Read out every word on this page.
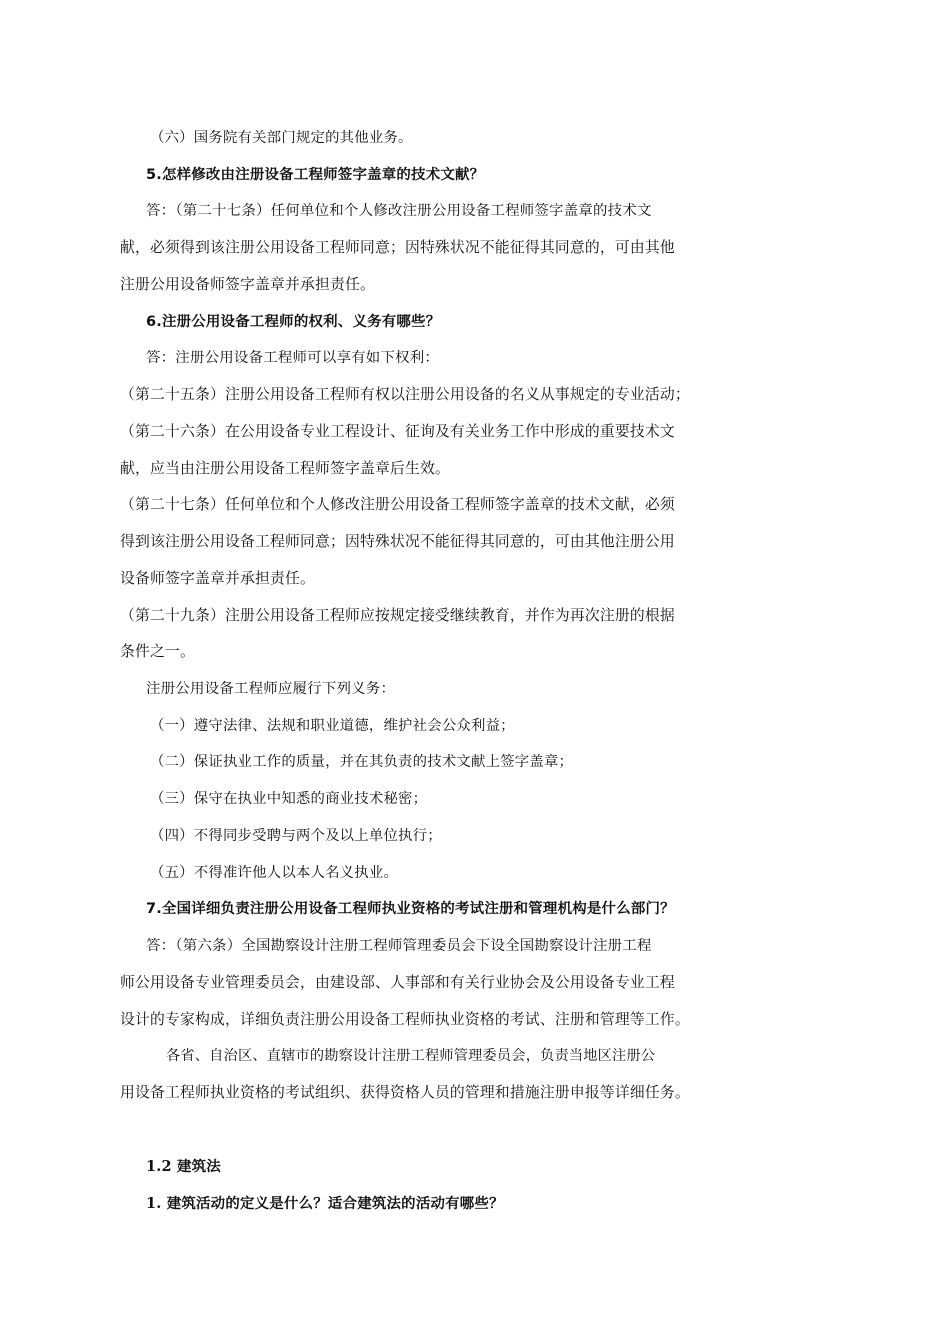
（六）国务院有关部门规定的其他业务。
5.怎样修改由注册设备工程师签字盖章的技术文献？
答：（第二十七条）任何单位和个人修改注册公用设备工程师签字盖章的技术文
献，必须得到该注册公用设备工程师同意；因特殊状况不能征得其同意的，可由其他
注册公用设备师签字盖章并承担责任。
6.注册公用设备工程师的权利、义务有哪些？
答：注册公用设备工程师可以享有如下权利：
（第二十五条）注册公用设备工程师有权以注册公用设备的名义从事规定的专业活动；
（第二十六条）在公用设备专业工程设计、征询及有关业务工作中形成的重要技术文
献，应当由注册公用设备工程师签字盖章后生效。
（第二十七条）任何单位和个人修改注册公用设备工程师签字盖章的技术文献，必须
得到该注册公用设备工程师同意；因特殊状况不能征得其同意的，可由其他注册公用
设备师签字盖章并承担责任。
（第二十九条）注册公用设备工程师应按规定接受继续教育，并作为再次注册的根据
条件之一。
注册公用设备工程师应履行下列义务：
（一）遵守法律、法规和职业道德，维护社会公众利益；
（二）保证执业工作的质量，并在其负责的技术文献上签字盖章；
（三）保守在执业中知悉的商业技术秘密；
（四）不得同步受聘与两个及以上单位执行；
（五）不得准许他人以本人名义执业。
7.全国详细负责注册公用设备工程师执业资格的考试注册和管理机构是什么部门？
答：（第六条）全国勘察设计注册工程师管理委员会下设全国勘察设计注册工程
师公用设备专业管理委员会，由建设部、人事部和有关行业协会及公用设备专业工程
设计的专家构成，详细负责注册公用设备工程师执业资格的考试、注册和管理等工作。
各省、自治区、直辖市的勘察设计注册工程师管理委员会，负责当地区注册公
用设备工程师执业资格的考试组织、获得资格人员的管理和措施注册申报等详细任务。
1.2 建筑法
1. 建筑活动的定义是什么？适合建筑法的活动有哪些？
